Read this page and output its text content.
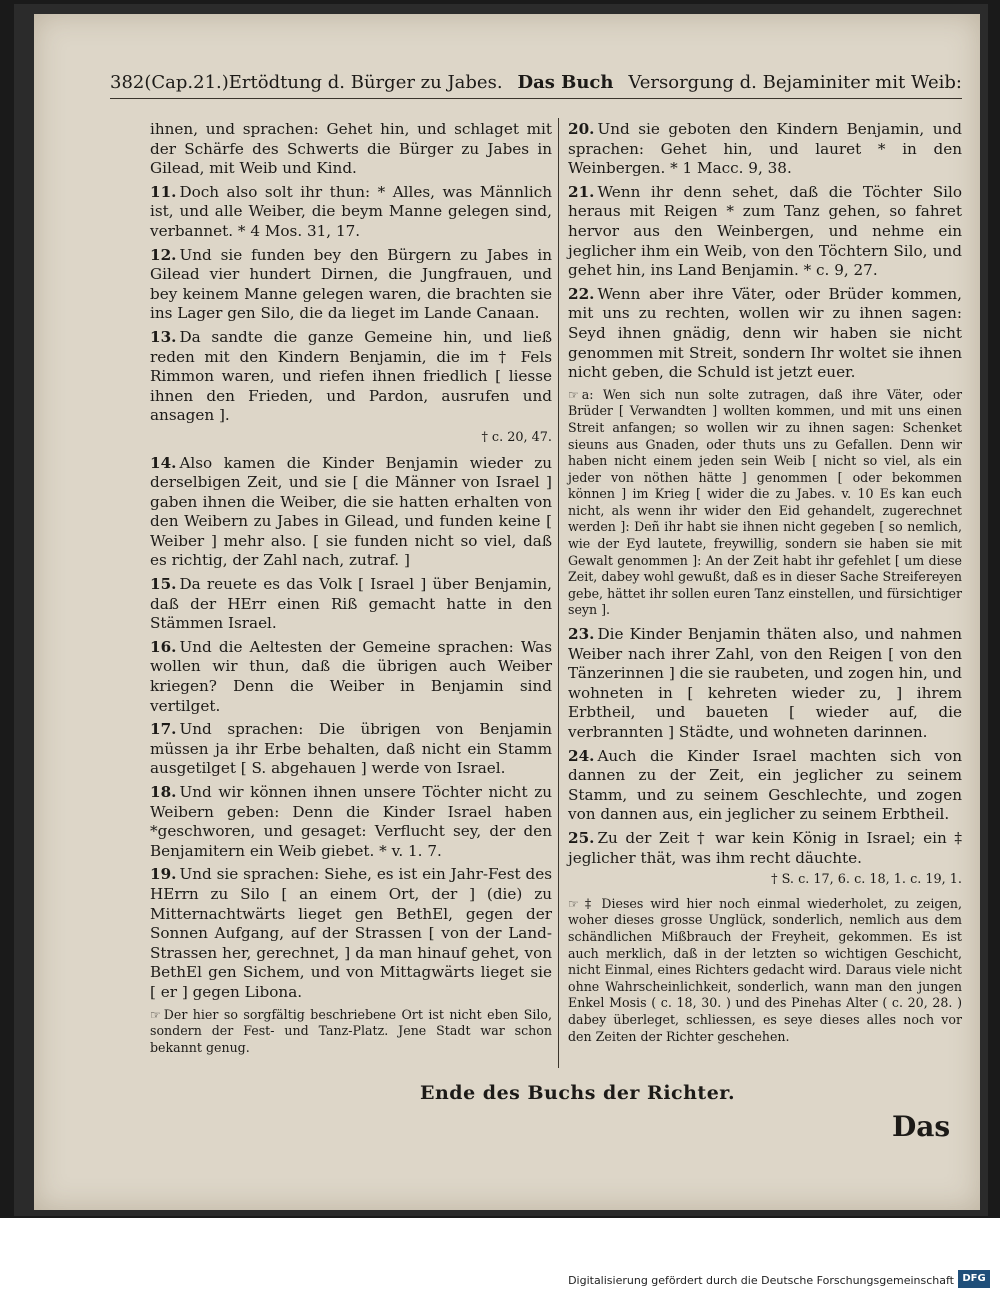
382(Cap.21.)Ertödtung d. Bürger zu Jabes. Das Buch Versorgung d. Bejaminiter mit Weib:

ihnen, und sprachen: Gehet hin, und schlaget mit der Schärfe des Schwerts die Bürger zu Jabes in Gilead, mit Weib und Kind.

11. Doch also solt ihr thun: * Alles, was Männlich ist, und alle Weiber, die beym Manne gelegen sind, verbannet. * 4 Mos. 31, 17.

12. Und sie funden bey den Bürgern zu Jabes in Gilead vier hundert Dirnen, die Jungfrauen, und bey keinem Manne gelegen waren, die brachten sie ins Lager gen Silo, die da lieget im Lande Canaan.

13. Da sandte die ganze Gemeine hin, und ließ reden mit den Kindern Benjamin, die im † Fels Rimmon waren, und riefen ihnen friedlich [ liesse ihnen den Frieden, und Pardon, ausrufen und ansagen ].

† c. 20, 47.

14. Also kamen die Kinder Benjamin wieder zu derselbigen Zeit, und sie [ die Männer von Israel ] gaben ihnen die Weiber, die sie hatten erhalten von den Weibern zu Jabes in Gilead, und funden keine [ Weiber ] mehr also. [ sie funden nicht so viel, daß es richtig, der Zahl nach, zutraf. ]

15. Da reuete es das Volk [ Israel ] über Benjamin, daß der HErr einen Riß gemacht hatte in den Stämmen Israel.

16. Und die Aeltesten der Gemeine sprachen: Was wollen wir thun, daß die übrigen auch Weiber kriegen? Denn die Weiber in Benjamin sind vertilget.

17. Und sprachen: Die übrigen von Benjamin müssen ja ihr Erbe behalten, daß nicht ein Stamm ausgetilget [ S. abgehauen ] werde von Israel.

18. Und wir können ihnen unsere Töchter nicht zu Weibern geben: Denn die Kinder Israel haben *geschworen, und gesaget: Verflucht sey, der den Benjamitern ein Weib giebet. * v. 1. 7.

19. Und sie sprachen: Siehe, es ist ein Jahr-Fest des HErrn zu Silo [ an einem Ort, der ] (die) zu Mitternachtwärts lieget gen BethEl, gegen der Sonnen Aufgang, auf der Strassen [ von der Land-Strassen her, gerechnet, ] da man hinauf gehet, von BethEl gen Sichem, und von Mittagwärts lieget sie [ er ] gegen Libona.

☞ Der hier so sorgfältig beschriebene Ort ist nicht eben Silo, sondern der Fest- und Tanz-Platz. Jene Stadt war schon bekannt genug.

20. Und sie geboten den Kindern Benjamin, und sprachen: Gehet hin, und lauret * in den Weinbergen. * 1 Macc. 9, 38.

21. Wenn ihr denn sehet, daß die Töchter Silo heraus mit Reigen * zum Tanz gehen, so fahret hervor aus den Weinbergen, und nehme ein jeglicher ihm ein Weib, von den Töchtern Silo, und gehet hin, ins Land Benjamin. * c. 9, 27.

22. Wenn aber ihre Väter, oder Brüder kommen, mit uns zu rechten, wollen wir zu ihnen sagen: Seyd ihnen gnädig, denn wir haben sie nicht genommen mit Streit, sondern Ihr woltet sie ihnen nicht geben, die Schuld ist jetzt euer.

☞ a: Wen sich nun solte zutragen, daß ihre Väter, oder Brüder [ Verwandten ] wollten kommen, und mit uns einen Streit anfangen; so wollen wir zu ihnen sagen: Schenket sieuns aus Gnaden, oder thuts uns zu Gefallen. Denn wir haben nicht einem jeden sein Weib [ nicht so viel, als ein jeder von nöthen hätte ] genommen [ oder bekommen können ] im Krieg [ wider die zu Jabes. v. 10 Es kan euch nicht, als wenn ihr wider den Eid gehandelt, zugerechnet werden ]: Deñ ihr habt sie ihnen nicht gegeben [ so nemlich, wie der Eyd lautete, freywillig, sondern sie haben sie mit Gewalt genommen ]: An der Zeit habt ihr gefehlet [ um diese Zeit, dabey wohl gewußt, daß es in dieser Sache Streifereyen gebe, hättet ihr sollen euren Tanz einstellen, und fürsichtiger seyn ].

23. Die Kinder Benjamin thäten also, und nahmen Weiber nach ihrer Zahl, von den Reigen [ von den Tänzerinnen ] die sie raubeten, und zogen hin, und wohneten in [ kehreten wieder zu, ] ihrem Erbtheil, und baueten [ wieder auf, die verbrannten ] Städte, und wohneten darinnen.

24. Auch die Kinder Israel machten sich von dannen zu der Zeit, ein jeglicher zu seinem Stamm, und zu seinem Geschlechte, und zogen von dannen aus, ein jeglicher zu seinem Erbtheil.

25. Zu der Zeit † war kein König in Israel; ein ‡ jeglicher thät, was ihm recht däuchte.

† S. c. 17, 6. c. 18, 1. c. 19, 1.
☞ ‡ Dieses wird hier noch einmal wiederholet, zu zeigen, woher dieses grosse Unglück, sonderlich, nemlich aus dem schändlichen Mißbrauch der Freyheit, gekommen. Es ist auch merklich, daß in der letzten so wichtigen Geschicht, nicht Einmal, eines Richters gedacht wird. Daraus viele nicht ohne Wahrscheinlichkeit, sonderlich, wann man den jungen Enkel Mosis ( c. 18, 30. ) und des Pinehas Alter ( c. 20, 28. ) dabey überleget, schliessen, es seye dieses alles noch vor den Zeiten der Richter geschehen.
Ende des Buchs der Richter.
Das
Digitalisierung gefördert durch die Deutsche Forschungsgemeinschaft DFG
